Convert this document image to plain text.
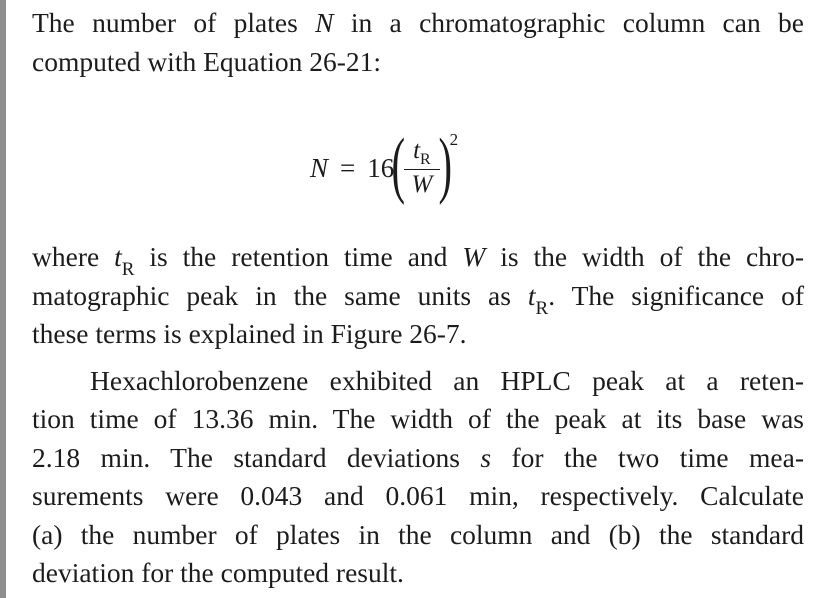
The number of plates N in a chromatographic column can be
computed with Equation 26-21:
N = 16
(
$\frac{t_R}{W}$
)
2
where $t_R$ is the retention time and W is the width of the chro-
matographic peak in the same units as $t_R$. The significance of
these terms is explained in Figure 26-7.
Hexachlorobenzene exhibited an HPLC peak at a reten-
tion time of 13.36 min. The width of the peak at its base was
2.18 min. The standard deviations s for the two time mea-
surements were 0.043 and 0.061 min, respectively. Calculate
(a) the number of plates in the column and (b) the standard
deviation for the computed result.
